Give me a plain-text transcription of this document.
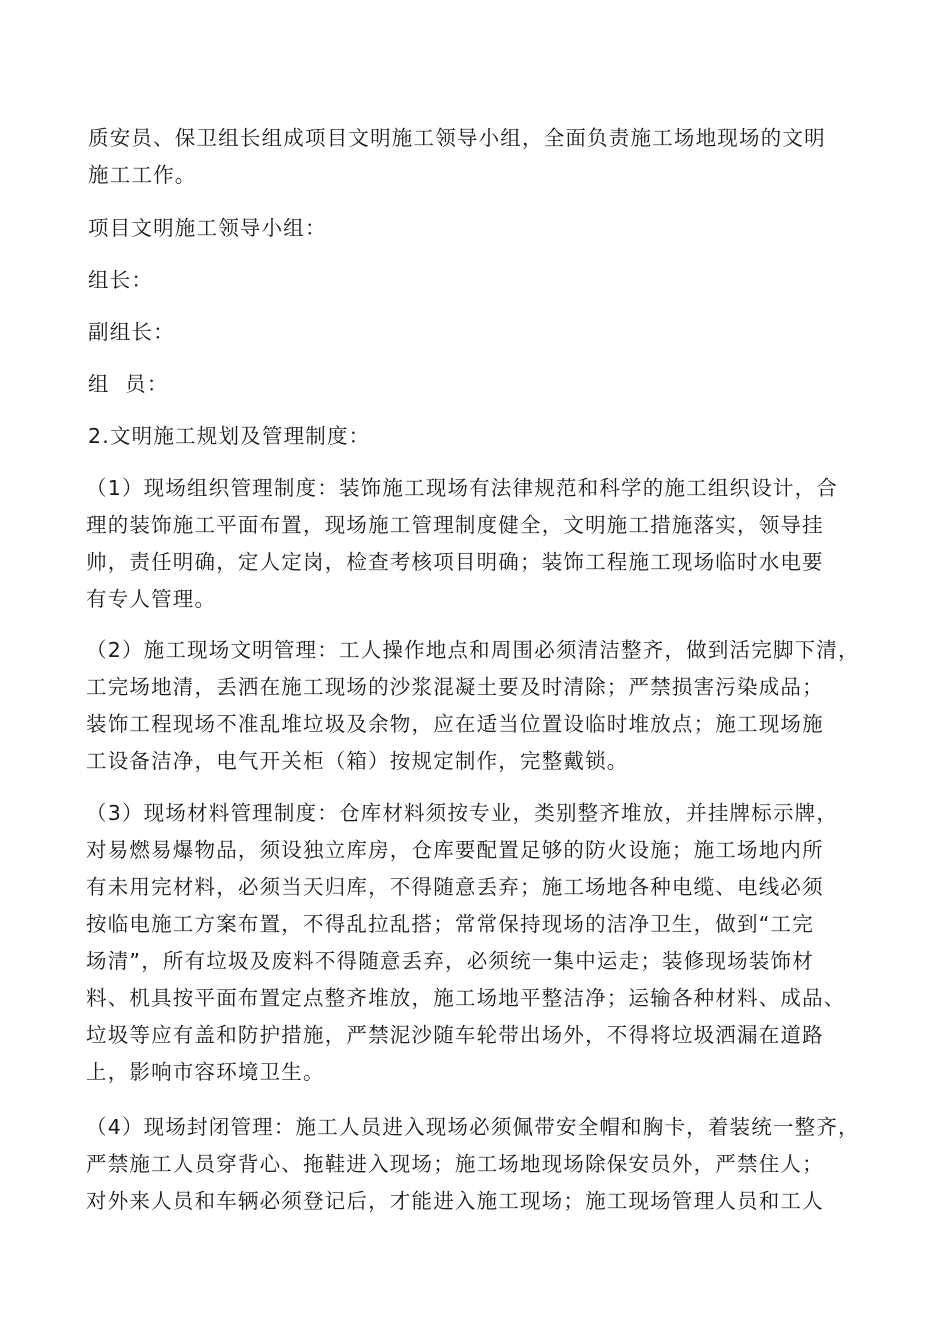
质安员、保卫组长组成项目文明施工领导小组，全面负责施工场地现场的文明
施工工作。

项目文明施工领导小组：

组长：

副组长：

组  员：

2.文明施工规划及管理制度：

（1）现场组织管理制度：装饰施工现场有法律规范和科学的施工组织设计，合
理的装饰施工平面布置，现场施工管理制度健全，文明施工措施落实，领导挂
帅，责任明确，定人定岗，检查考核项目明确；装饰工程施工现场临时水电要
有专人管理。

（2）施工现场文明管理：工人操作地点和周围必须清洁整齐，做到活完脚下清，
工完场地清，丢洒在施工现场的沙浆混凝土要及时清除；严禁损害污染成品；
装饰工程现场不准乱堆垃圾及余物，应在适当位置设临时堆放点；施工现场施
工设备洁净，电气开关柜（箱）按规定制作，完整戴锁。

（3）现场材料管理制度：仓库材料须按专业，类别整齐堆放，并挂牌标示牌，
对易燃易爆物品，须设独立库房，仓库要配置足够的防火设施；施工场地内所
有未用完材料，必须当天归库，不得随意丢弃；施工场地各种电缆、电线必须
按临电施工方案布置，不得乱拉乱搭；常常保持现场的洁净卫生，做到“工完
场清”，所有垃圾及废料不得随意丢弃，必须统一集中运走；装修现场装饰材
料、机具按平面布置定点整齐堆放，施工场地平整洁净；运输各种材料、成品、
垃圾等应有盖和防护措施，严禁泥沙随车轮带出场外，不得将垃圾洒漏在道路
上，影响市容环境卫生。

（4）现场封闭管理：施工人员进入现场必须佩带安全帽和胸卡，着装统一整齐，
严禁施工人员穿背心、拖鞋进入现场；施工场地现场除保安员外，严禁住人；
对外来人员和车辆必须登记后，才能进入施工现场；施工现场管理人员和工人
